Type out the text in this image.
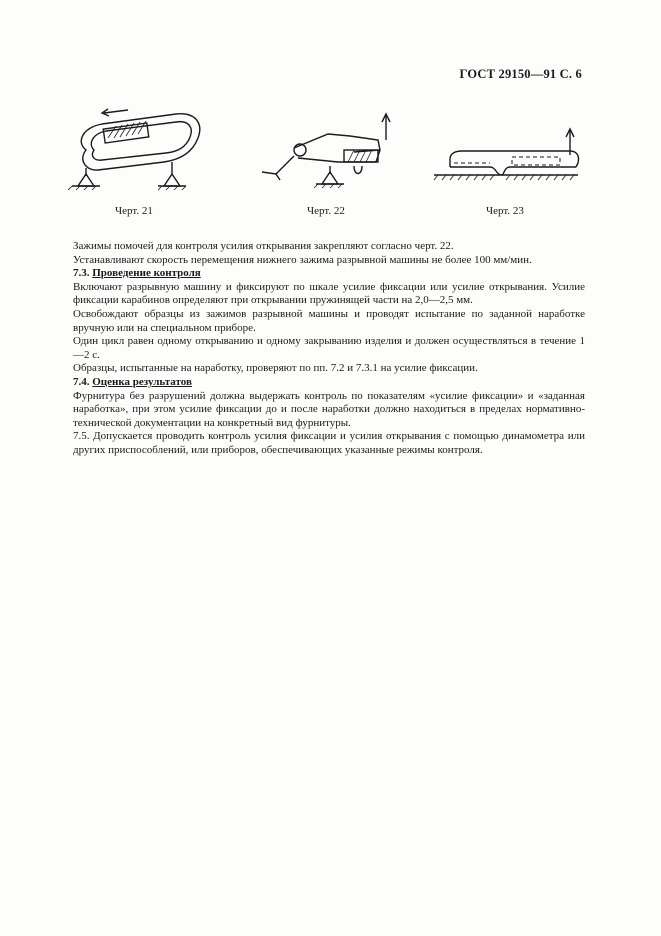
ГОСТ 29150—91 С. 6
Черт. 21	Черт. 22	Черт. 23

Зажимы помочей для контроля усилия открывания закрепляют согласно черт. 22.

Устанавливают скорость перемещения нижнего зажима разрывной машины не более 100 мм/мин.

7.3. Проведение контроля

Включают разрывную машину и фиксируют по шкале усилие фиксации или усилие открывания. Усилие фиксации карабинов определяют при открывании пружинящей части на 2,0—2,5 мм.

Освобождают образцы из зажимов разрывной машины и проводят испытание по заданной наработке вручную или на специальном приборе.

Один цикл равен одному открыванию и одному закрыванию изделия и должен осуществляться в течение 1—2 с.

Образцы, испытанные на наработку, проверяют по пп. 7.2 и 7.3.1 на усилие фиксации.

7.4. Оценка результатов

Фурнитура без разрушений должна выдержать контроль по показателям «усилие фиксации» и «заданная наработка», при этом усилие фиксации до и после наработки должно находиться в пределах нормативно-технической документации на конкретный вид фурнитуры.

7.5. Допускается проводить контроль усилия фиксации и усилия открывания с помощью динамометра или других приспособлений, или приборов, обеспечивающих указанные режимы контроля.
